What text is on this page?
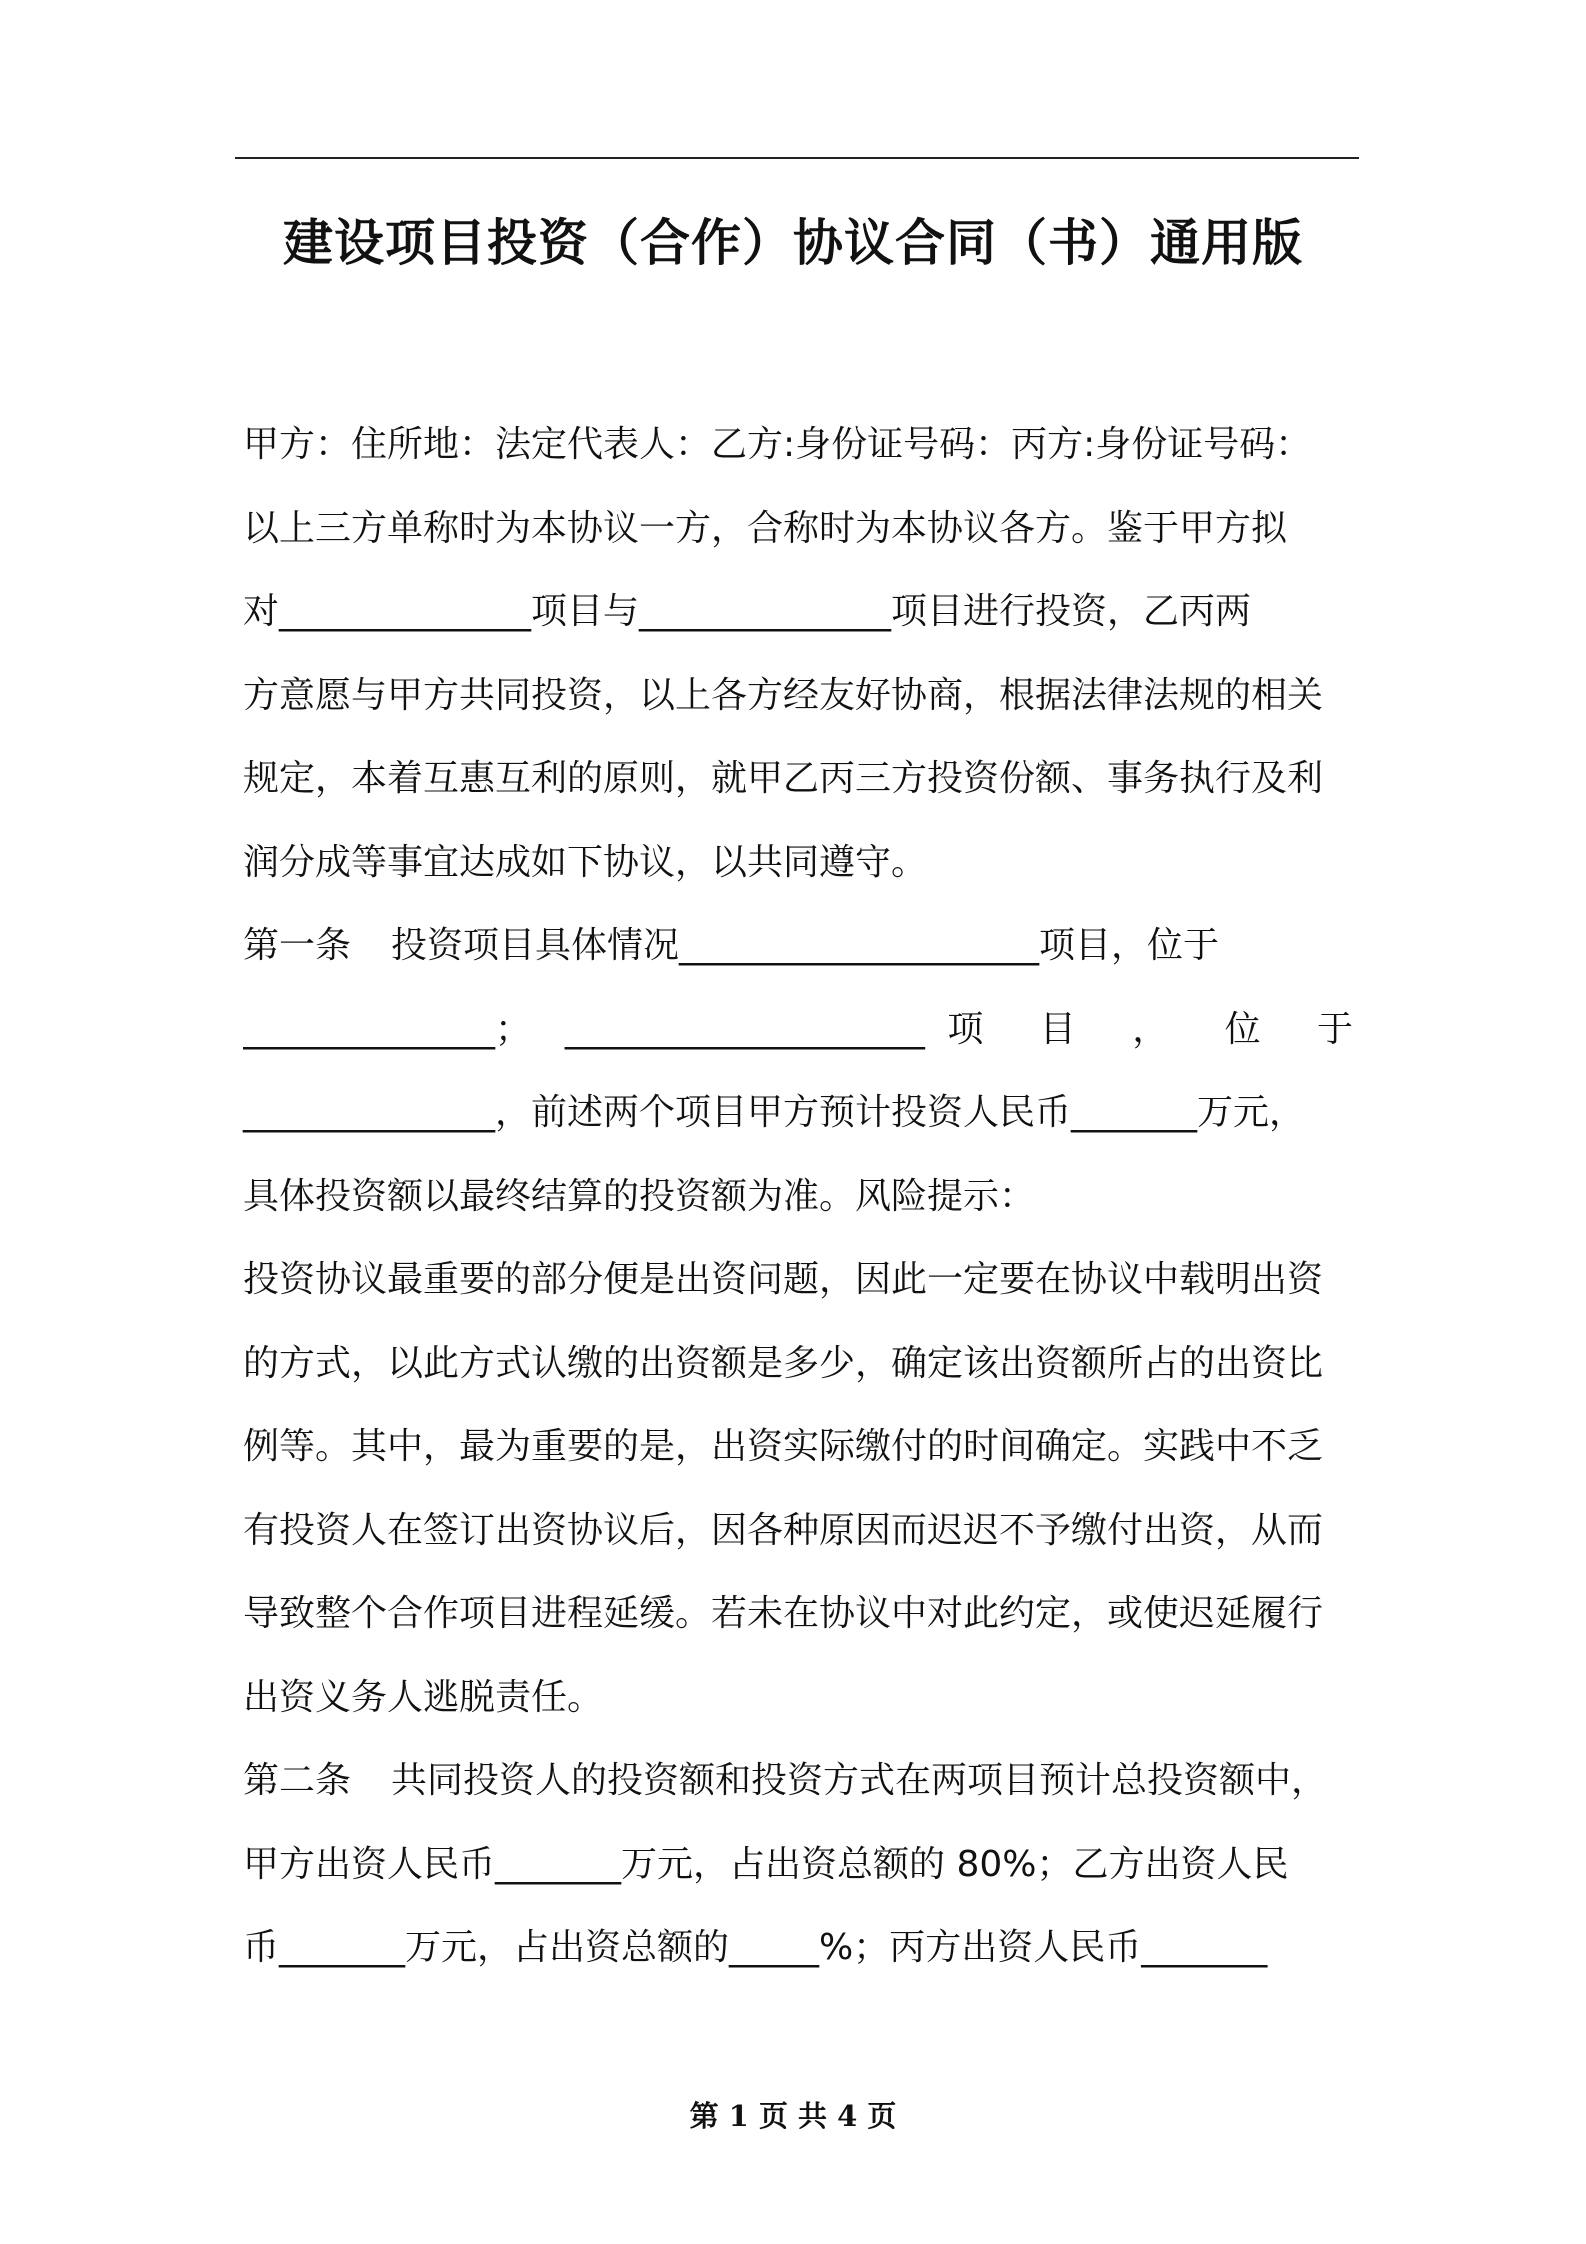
建设项目投资（合作）协议合同（书）通用版
甲方：住所地：法定代表人：乙方:身份证号码：丙方:身份证号码：
以上三方单称时为本协议一方，合称时为本协议各方。鉴于甲方拟
对______________项目与______________项目进行投资，乙丙两
方意愿与甲方共同投资，以上各方经友好协商，根据法律法规的相关
规定，本着互惠互利的原则，就甲乙丙三方投资份额、事务执行及利
润分成等事宜达成如下协议，以共同遵守。
第一条 投资项目具体情况____________________项目，位于
______________； ____________________项 目 ， 位 于
______________，前述两个项目甲方预计投资人民币_______万元，
具体投资额以最终结算的投资额为准。风险提示：
投资协议最重要的部分便是出资问题，因此一定要在协议中载明出资
的方式，以此方式认缴的出资额是多少，确定该出资额所占的出资比
例等。其中，最为重要的是，出资实际缴付的时间确定。实践中不乏
有投资人在签订出资协议后，因各种原因而迟迟不予缴付出资，从而
导致整个合作项目进程延缓。若未在协议中对此约定，或使迟延履行
出资义务人逃脱责任。
第二条 共同投资人的投资额和投资方式在两项目预计总投资额中，
甲方出资人民币_______万元，占出资总额的 80%；乙方出资人民
币_______万元，占出资总额的_____%；丙方出资人民币_______
第 1 页 共 4 页
